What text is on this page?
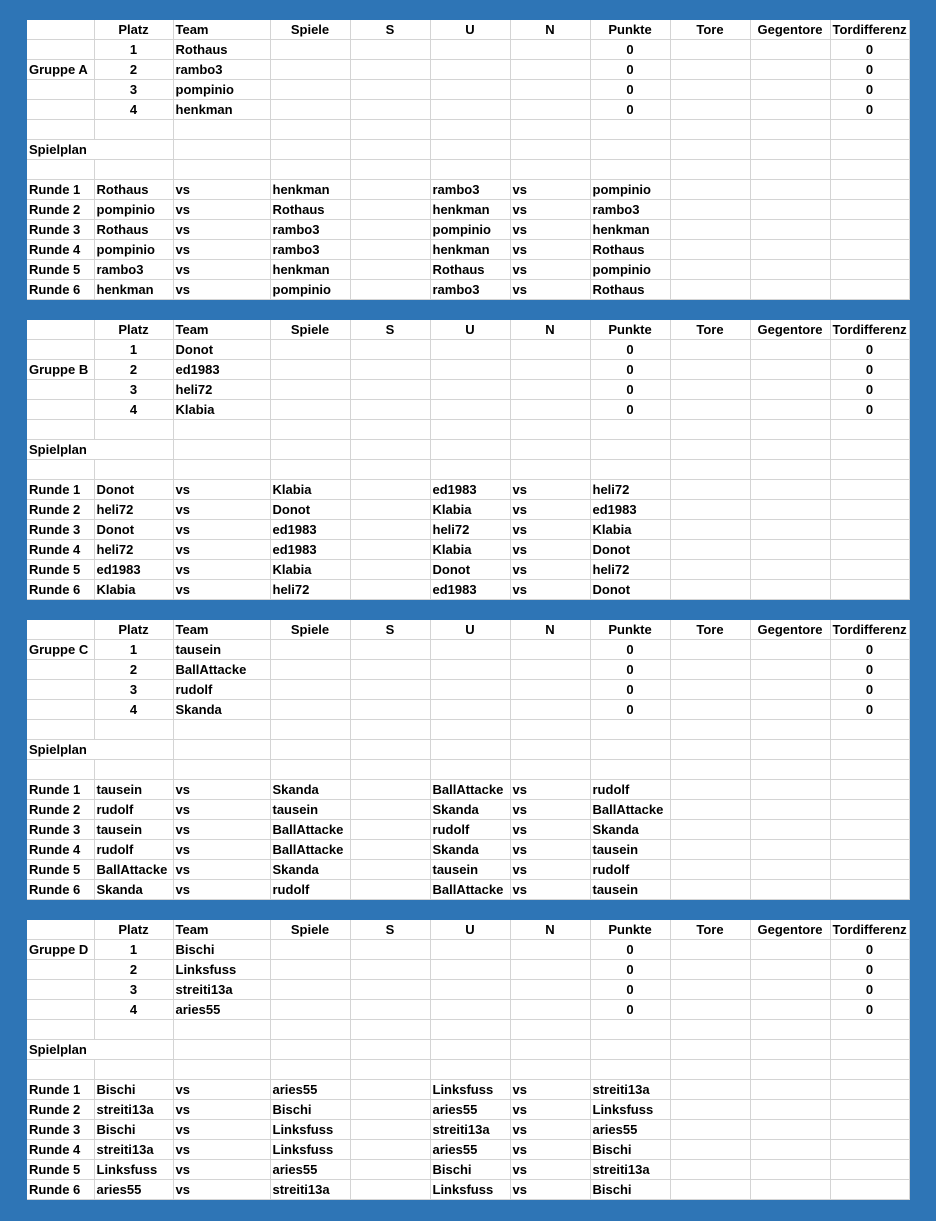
	Platz	Team	Spiele	S	U	N	Punkte	Tore	Gegentore	Tordifferenz
	1	Rothaus					0			0
Gruppe A	2	rambo3					0			0
	3	pompinio					0			0
	4	henkman					0			0

Spielplan										

Runde 1	Rothaus	vs	henkman		rambo3	vs	pompinio			
Runde 2	pompinio	vs	Rothaus		henkman	vs	rambo3			
Runde 3	Rothaus	vs	rambo3		pompinio	vs	henkman			
Runde 4	pompinio	vs	rambo3		henkman	vs	Rothaus			
Runde 5	rambo3	vs	henkman		Rothaus	vs	pompinio			
Runde 6	henkman	vs	pompinio		rambo3	vs	Rothaus			
	Platz	Team	Spiele	S	U	N	Punkte	Tore	Gegentore	Tordifferenz
	1	Donot					0			0
Gruppe B	2	ed1983					0			0
	3	heli72					0			0
	4	Klabia					0			0

Spielplan										

Runde 1	Donot	vs	Klabia		ed1983	vs	heli72			
Runde 2	heli72	vs	Donot		Klabia	vs	ed1983			
Runde 3	Donot	vs	ed1983		heli72	vs	Klabia			
Runde 4	heli72	vs	ed1983		Klabia	vs	Donot			
Runde 5	ed1983	vs	Klabia		Donot	vs	heli72			
Runde 6	Klabia	vs	heli72		ed1983	vs	Donot			
	Platz	Team	Spiele	S	U	N	Punkte	Tore	Gegentore	Tordifferenz
Gruppe C	1	tausein					0			0
	2	BallAttacke					0			0
	3	rudolf					0			0
	4	Skanda					0			0

Spielplan										

Runde 1	tausein	vs	Skanda		BallAttacke	vs	rudolf			
Runde 2	rudolf	vs	tausein		Skanda	vs	BallAttacke			
Runde 3	tausein	vs	BallAttacke		rudolf	vs	Skanda			
Runde 4	rudolf	vs	BallAttacke		Skanda	vs	tausein			
Runde 5	BallAttacke	vs	Skanda		tausein	vs	rudolf			
Runde 6	Skanda	vs	rudolf		BallAttacke	vs	tausein			
	Platz	Team	Spiele	S	U	N	Punkte	Tore	Gegentore	Tordifferenz
Gruppe D	1	Bischi					0			0
	2	Linksfuss					0			0
	3	streiti13a					0			0
	4	aries55					0			0

Spielplan										

Runde 1	Bischi	vs	aries55		Linksfuss	vs	streiti13a			
Runde 2	streiti13a	vs	Bischi		aries55	vs	Linksfuss			
Runde 3	Bischi	vs	Linksfuss		streiti13a	vs	aries55			
Runde 4	streiti13a	vs	Linksfuss		aries55	vs	Bischi			
Runde 5	Linksfuss	vs	aries55		Bischi	vs	streiti13a			
Runde 6	aries55	vs	streiti13a		Linksfuss	vs	Bischi			
